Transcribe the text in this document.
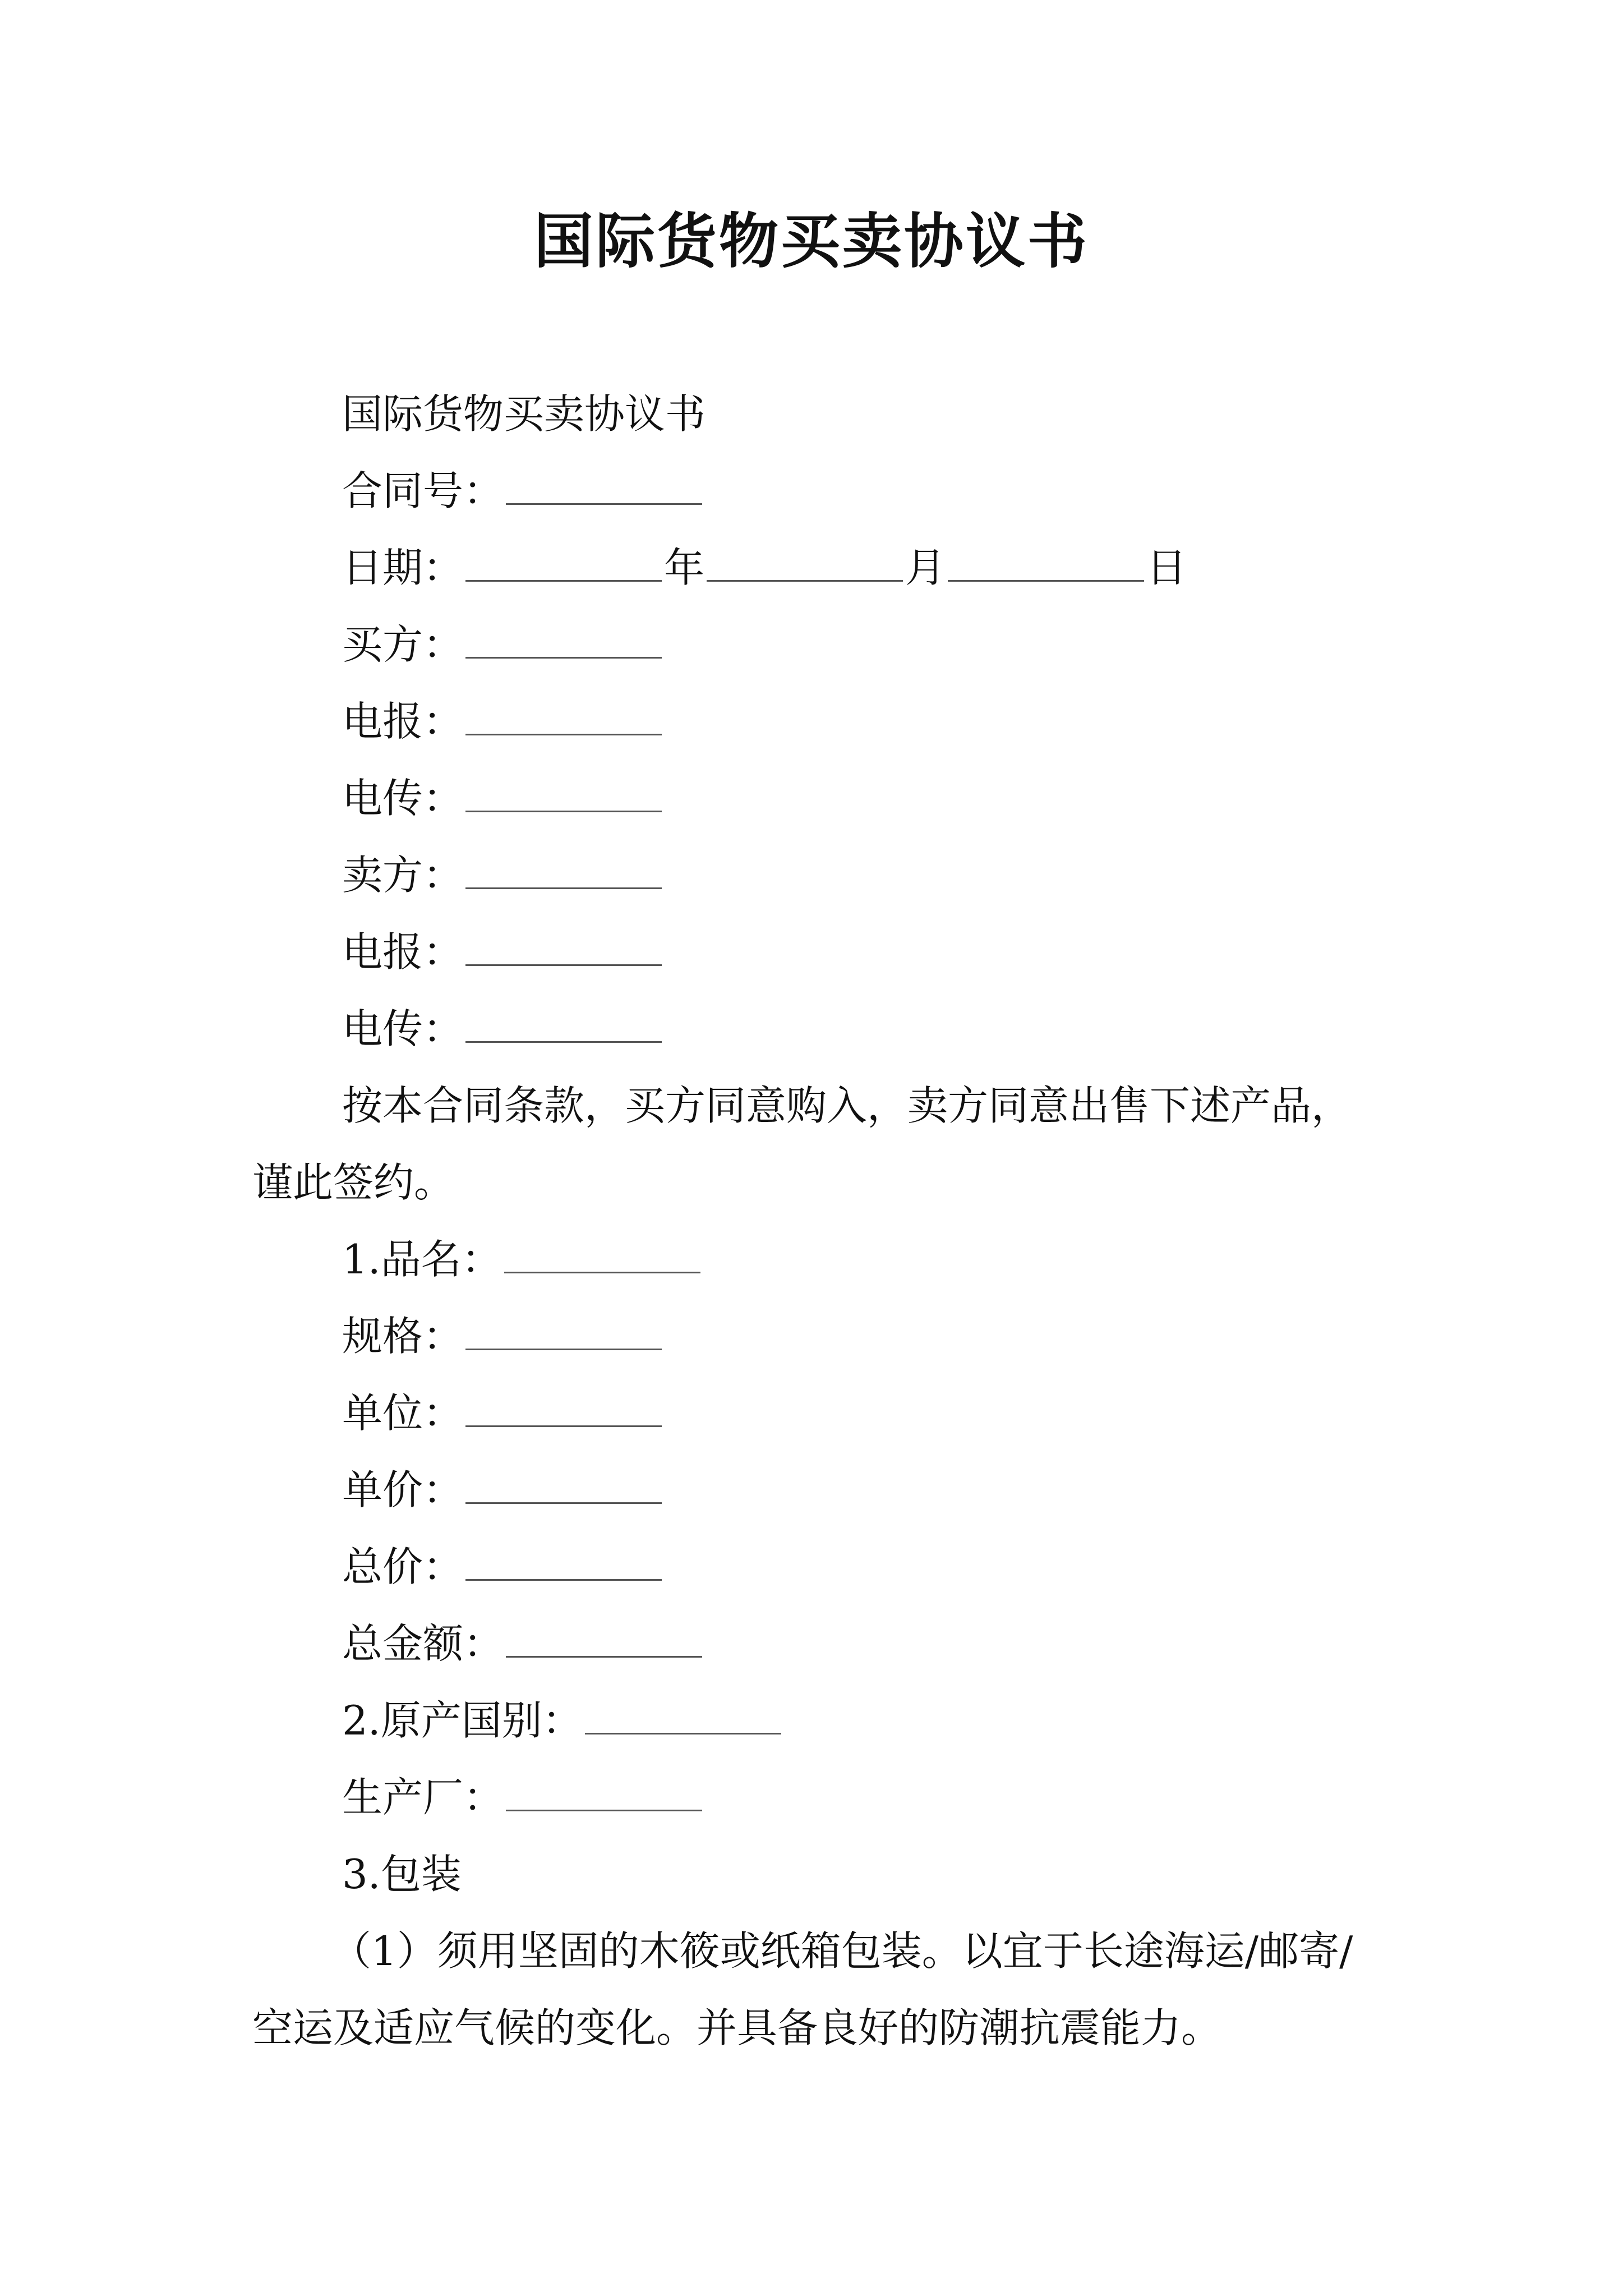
国际货物买卖协议书
国际货物买卖协议书
合同号：
日期：	年	月	日
买方：
电报：
电传：
卖方：
电报：
电传：
按本合同条款，买方同意购入，卖方同意出售下述产品，谨此签约。
1.品名：
规格：
单位：
单价：
总价：
总金额：
2.原产国别：
生产厂：
3.包装
（1）须用坚固的木筱或纸箱包装。以宜于长途海运/邮寄/空运及适应气候的变化。并具备良好的防潮抗震能力。
